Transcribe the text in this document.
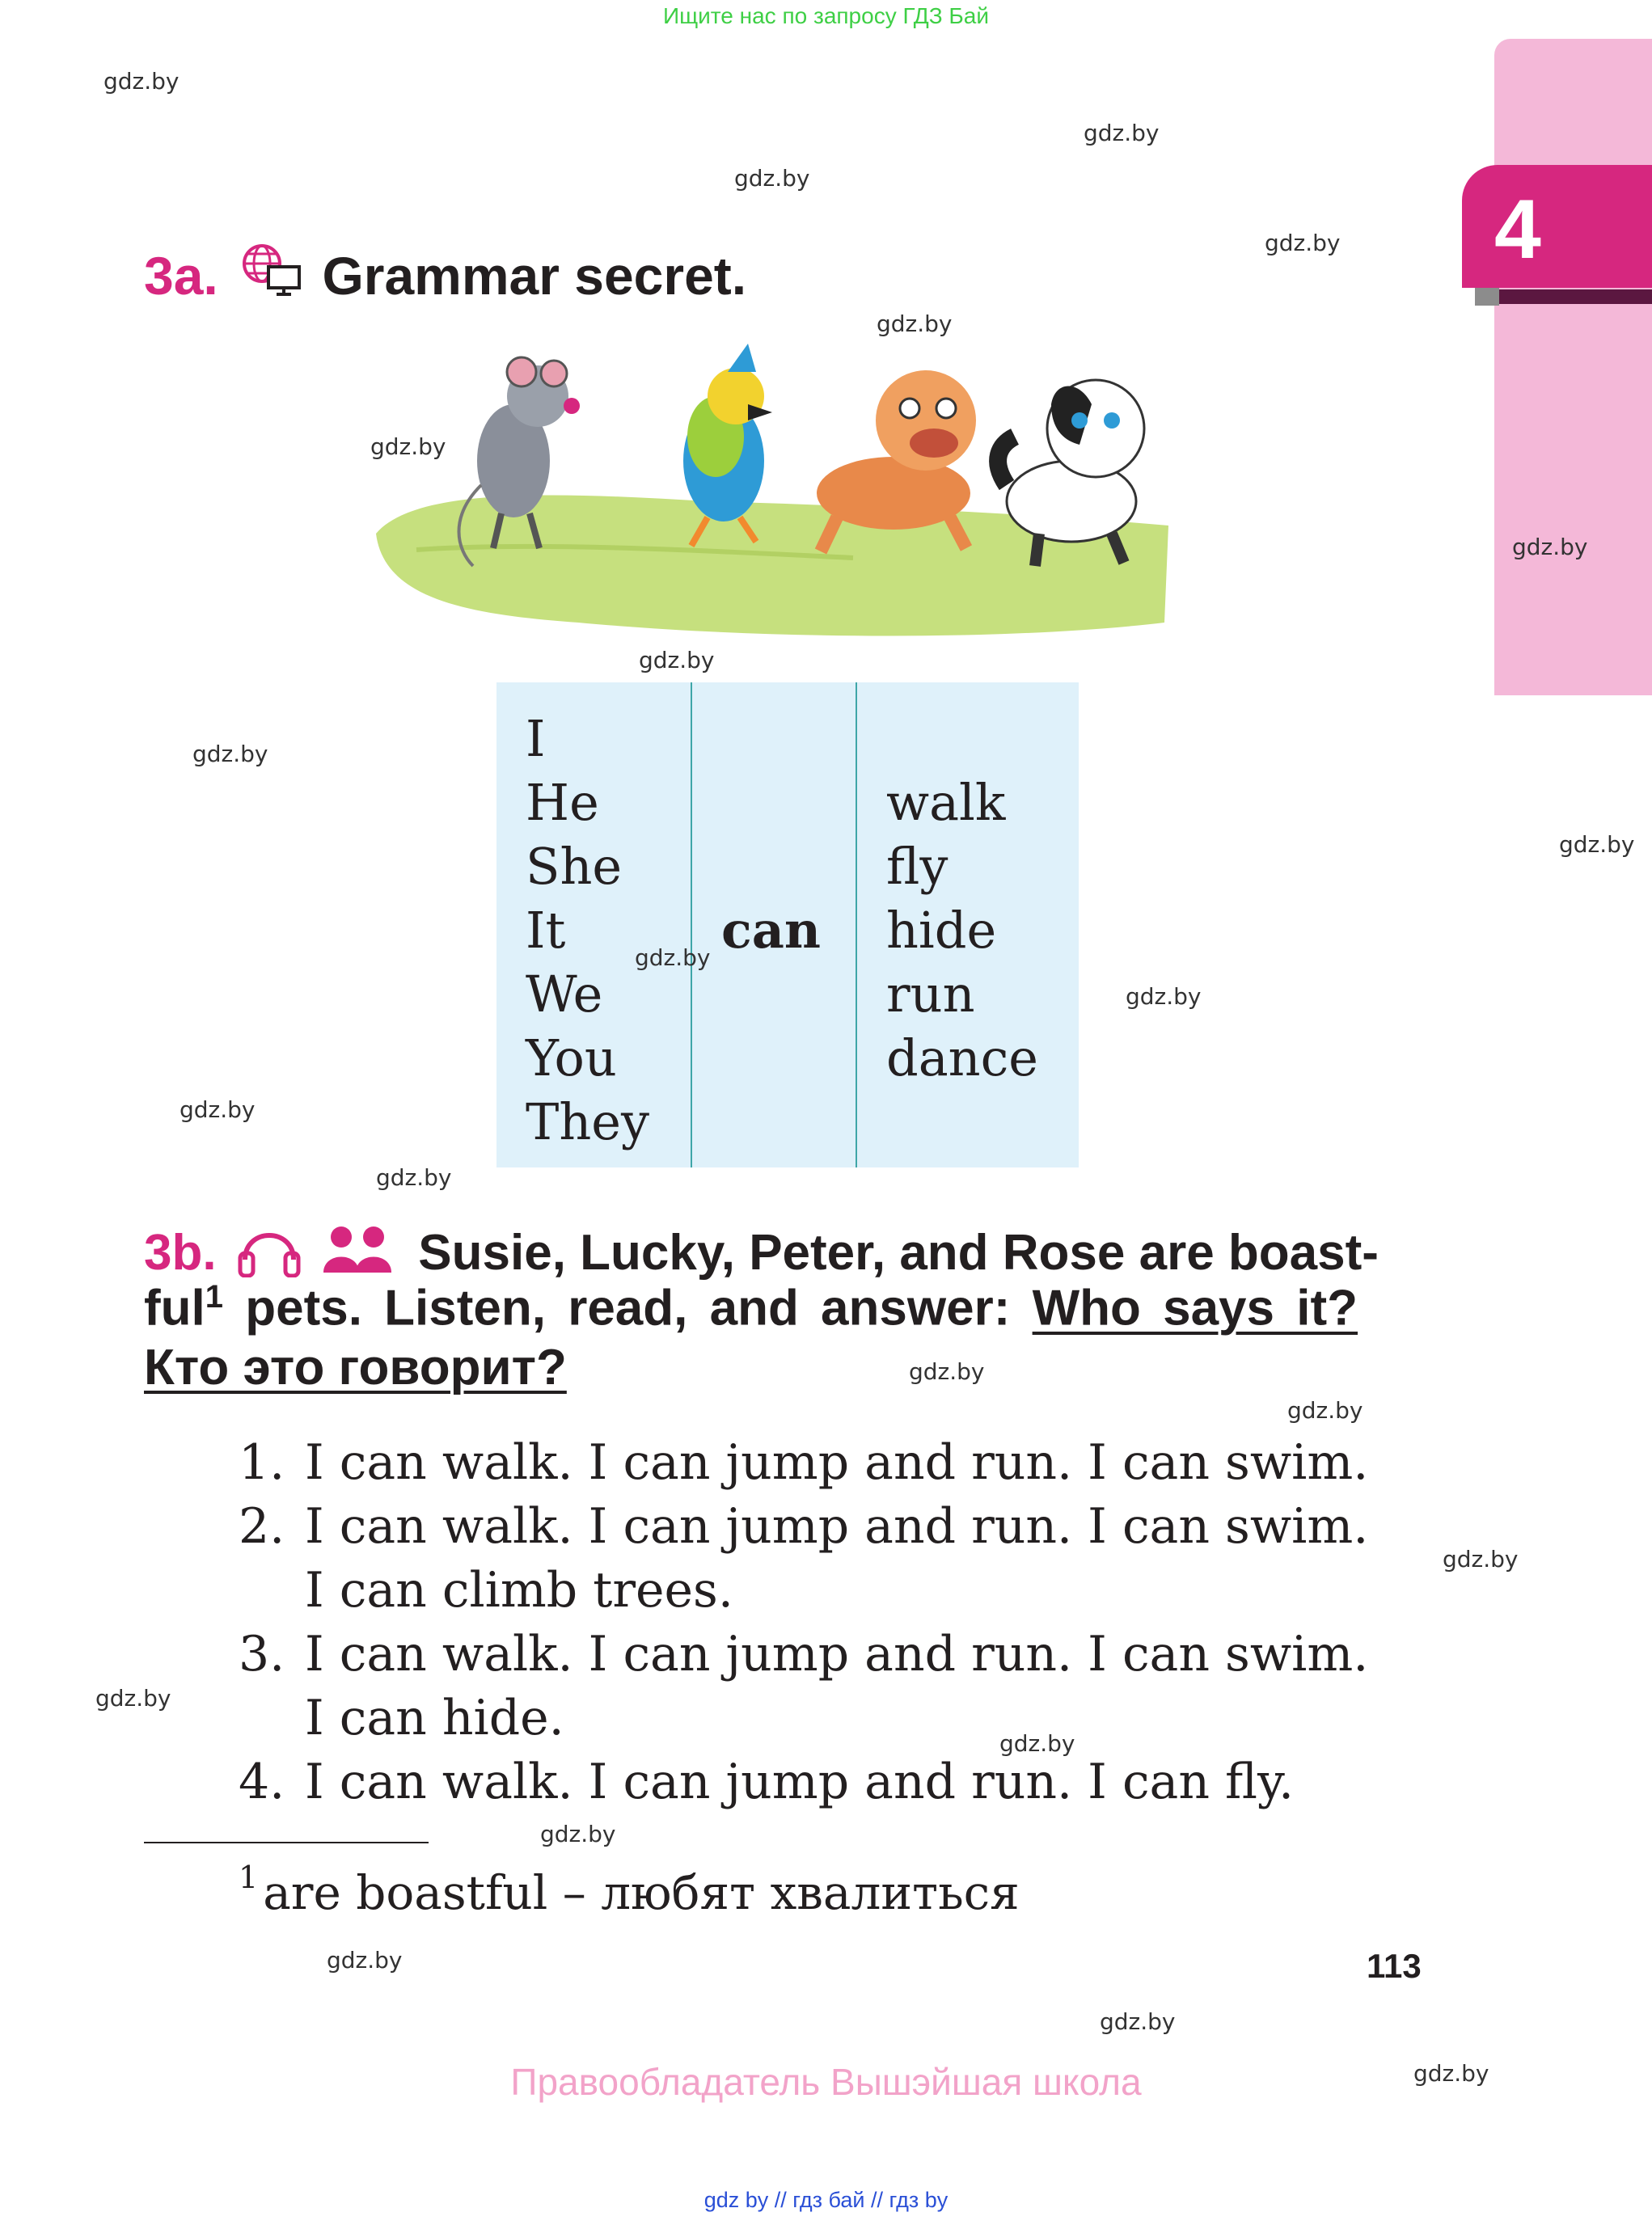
Ищите нас по запросу ГДЗ Бай
4
3a. Grammar secret.
I
He
She
It
We
You
They
can
walk
fly
hide
run
dance
3b.	Susie, Lucky, Peter, and Rose are boast-
ful$^1$ pets. Listen, read, and answer: Who says it?
Кто это говорит?
1. I can walk. I can jump and run. I can swim.
2. I can walk. I can jump and run. I can swim.
I can climb trees.
3. I can walk. I can jump and run. I can swim.
I can hide.
4. I can walk. I can jump and run. I can fly.
$^1$ are boastful – любят хвалиться
113
Правообладатель Вышэйшая школа
gdz by // гдз бай // гдз by
gdz.by
gdz.by
gdz.by
gdz.by
gdz.by
gdz.by
gdz.by
gdz.by
gdz.by
gdz.by
gdz.by
gdz.by
gdz.by
gdz.by
gdz.by
gdz.by
gdz.by
gdz.by
gdz.by
gdz.by
gdz.by
gdz.by
gdz.by
